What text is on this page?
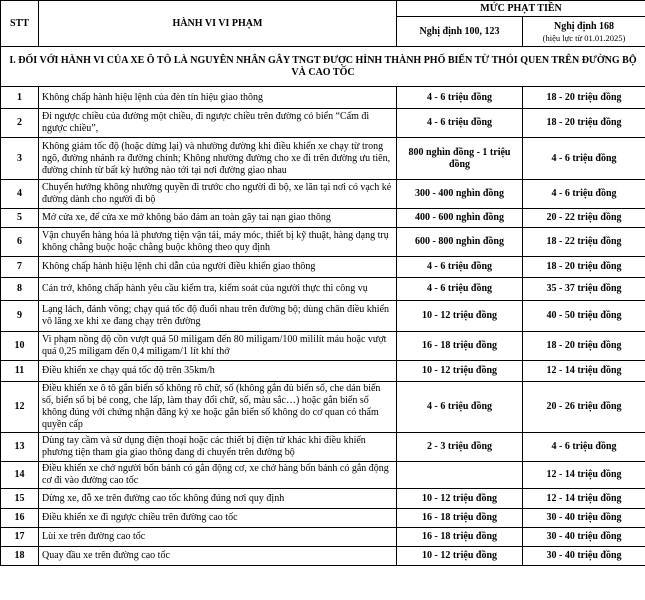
STT	HÀNH VI VI PHẠM	MỨC PHẠT TIỀN	
		Nghị định 100, 123	Nghị định 168
(hiệu lực từ 01.01.2025)

I. ĐỐI VỚI HÀNH VI CỦA XE Ô TÔ LÀ NGUYÊN NHÂN GÂY TNGT ĐƯỢC HÌNH THÀNH PHỐ BIẾN TỪ THÓI QUEN TRÊN ĐƯỜNG BỘ VÀ CAO TỐC			
1	Không chấp hành hiệu lệnh của đèn tín hiệu giao thông	4 - 6 triệu đồng	18 - 20 triệu đồng
2	Đi ngược chiều của đường một chiều, đi ngược chiều trên đường có biển “Cấm đi ngược chiều”,	4 - 6 triệu đồng	18 - 20 triệu đồng
3	Không giảm tốc độ (hoặc dừng lại) và nhường đường khi điều khiển xe chạy từ trong ngõ, đường nhánh ra đường chính; Không nhường đường cho xe đi trên đường ưu tiên, đường chính từ bất kỳ hướng nào tới tại nơi đường giao nhau	800 nghìn đồng - 1 triệu đồng	4 - 6 triệu đồng
4	Chuyển hướng không nhường quyền đi trước cho người đi bộ, xe lăn tại nơi có vạch kẻ đường dành cho người đi bộ	300 - 400 nghìn đồng	4 - 6 triệu đồng
5	Mở cửa xe, để cửa xe mở không bảo đảm an toàn gây tai nạn giao thông	400 - 600 nghìn đồng	20 - 22 triệu đồng
6	Vận chuyển hàng hóa là phương tiện vận tải, máy móc, thiết bị kỹ thuật, hàng dạng trụ không chằng buộc hoặc chằng buộc không theo quy định	600 - 800 nghìn đồng	18 - 22 triệu đồng
7	Không chấp hành hiệu lệnh chỉ dẫn của người điều khiển giao thông	4 - 6 triệu đồng	18 - 20 triệu đồng
8	Cản trở, không chấp hành yêu cầu kiểm tra, kiểm soát của người thực thi công vụ	4 - 6 triệu đồng	35 - 37 triệu đồng
9	Lạng lách, đánh võng; chạy quá tốc độ đuổi nhau trên đường bộ; dùng chân điều khiển vô lăng xe khi xe đang chạy trên đường	10 - 12 triệu đồng	40 - 50 triệu đồng
10	Vi phạm nồng độ cồn vượt quá 50 miligam đến 80 miligam/100 mililít máu hoặc vượt quá 0,25 miligam đến 0,4 miligam/1 lít khí thở	16 - 18 triệu đồng	18 - 20 triệu đồng
11	Điều khiển xe chạy quá tốc độ trên 35km/h	10 - 12 triệu đồng	12 - 14 triệu đồng
12	Điều khiển xe ô tô gắn biển số không rõ chữ, số (không gắn đủ biển số, che dán biển số, biển số bị bẻ cong, che lấp, làm thay đổi chữ, số, màu sắc…) hoặc gắn biển số không đúng với chứng nhận đăng ký xe hoặc gắn biển số không do cơ quan có thẩm quyền cấp	4 - 6 triệu đồng	20 - 26 triệu đồng
13	Dùng tay cầm và sử dụng điện thoại hoặc các thiết bị điện tử khác khi điều khiển phương tiện tham gia giao thông đang di chuyển trên đường bộ	2 - 3 triệu đồng	4 - 6 triệu đồng
14	Điều khiển xe chở người bốn bánh có gắn động cơ, xe chở hàng bốn bánh có gắn động cơ đi vào đường cao tốc		12 - 14 triệu đồng
15	Dừng xe, đỗ xe trên đường cao tốc không đúng nơi quy định	10 - 12 triệu đồng	12 - 14 triệu đồng
16	Điều khiển xe đi ngược chiều trên đường cao tốc	16 - 18 triệu đồng	30 - 40 triệu đồng
17	Lùi xe trên đường cao tốc	16 - 18 triệu đồng	30 - 40 triệu đồng
18	Quay đầu xe trên đường cao tốc	10 - 12 triệu đồng	30 - 40 triệu đồng
